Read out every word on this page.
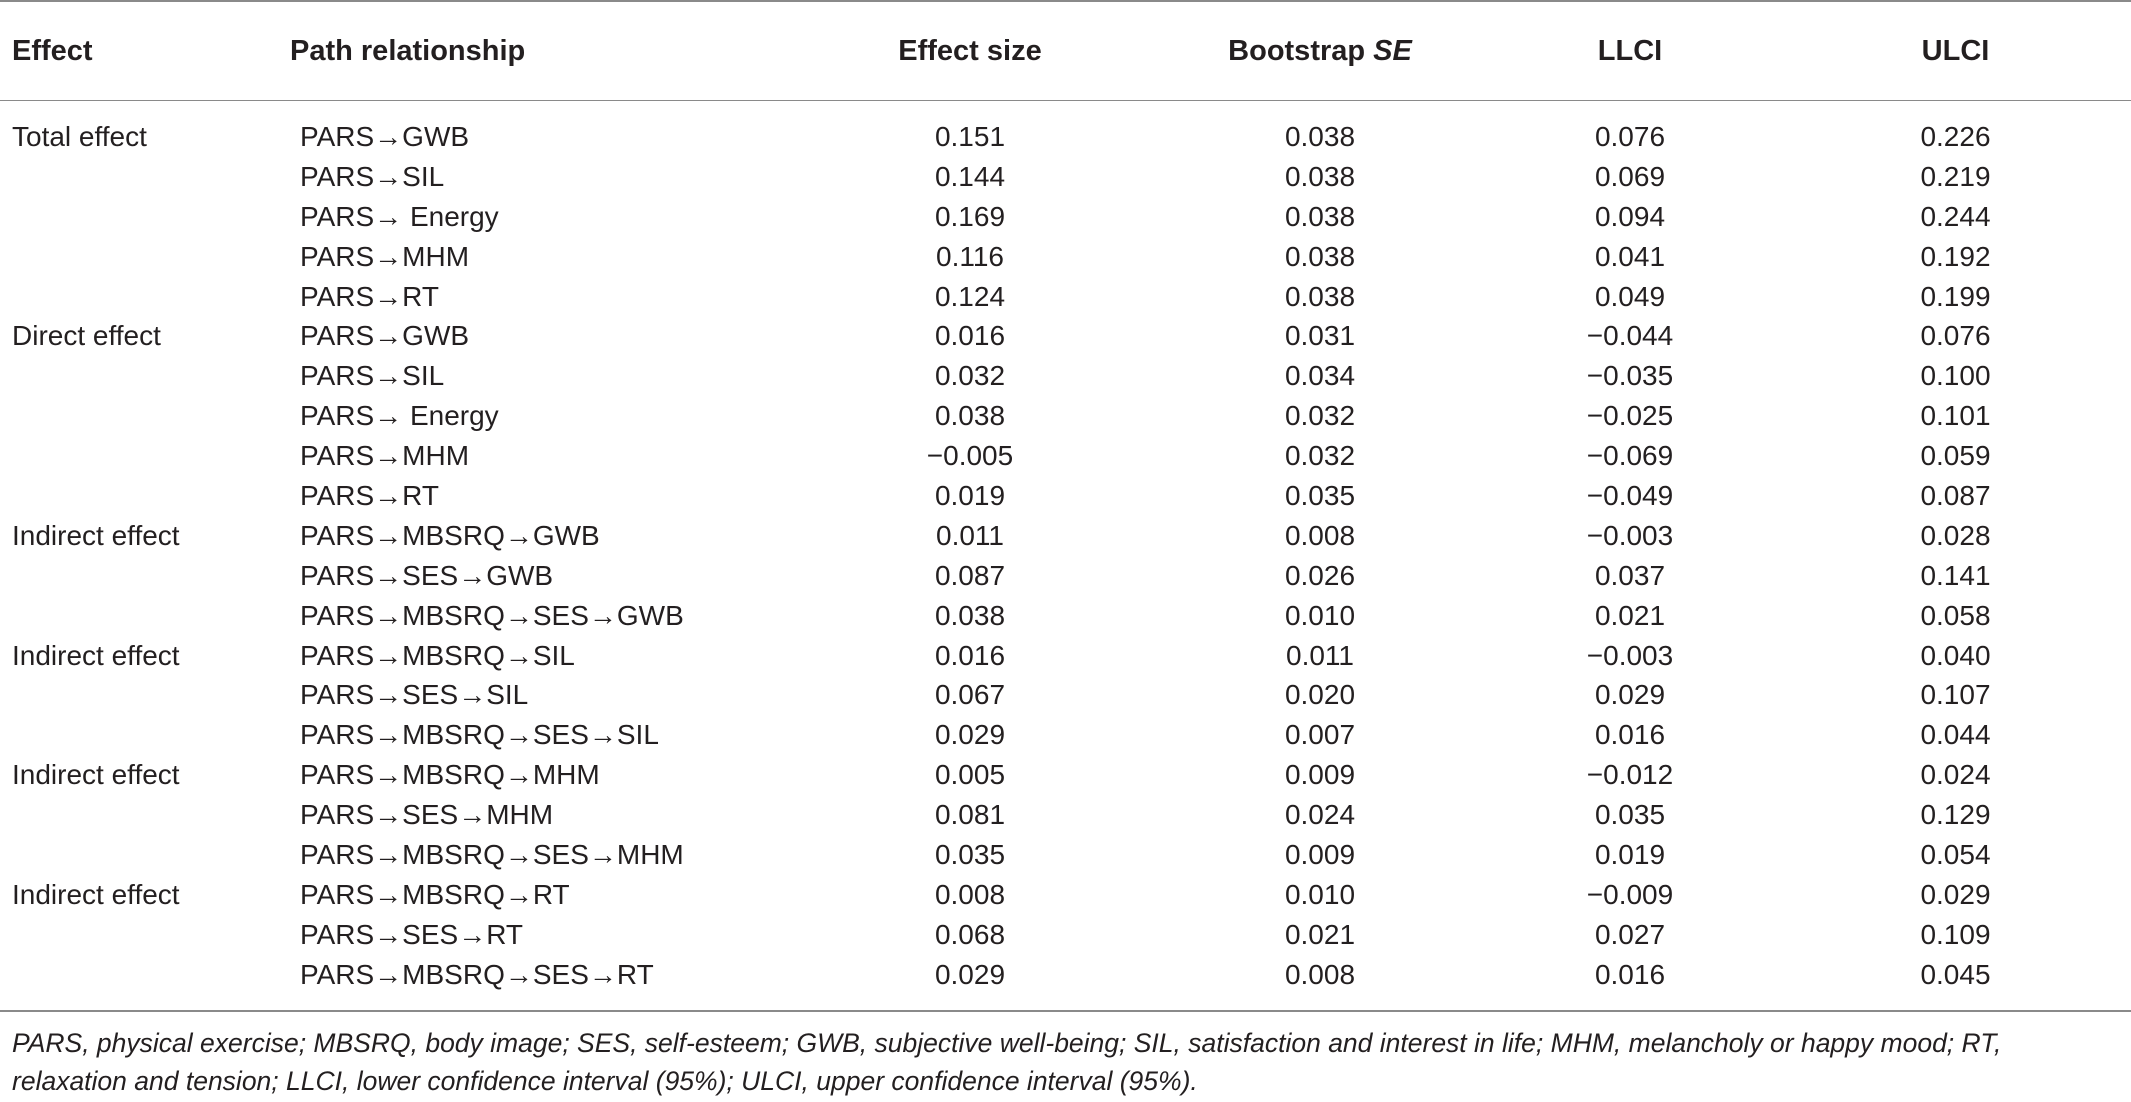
Effect	Path relationship	Effect size	Bootstrap SE	LLCI	ULCI

Total effect	PARS→GWB	0.151	0.038	0.076	0.226
	PARS→SIL	0.144	0.038	0.069	0.219
	PARS→ Energy	0.169	0.038	0.094	0.244
	PARS→MHM	0.116	0.038	0.041	0.192
	PARS→RT	0.124	0.038	0.049	0.199
Direct effect	PARS→GWB	0.016	0.031	−0.044	0.076
	PARS→SIL	0.032	0.034	−0.035	0.100
	PARS→ Energy	0.038	0.032	−0.025	0.101
	PARS→MHM	−0.005	0.032	−0.069	0.059
	PARS→RT	0.019	0.035	−0.049	0.087
Indirect effect	PARS→MBSRQ→GWB	0.011	0.008	−0.003	0.028
	PARS→SES→GWB	0.087	0.026	0.037	0.141
	PARS→MBSRQ→SES→GWB	0.038	0.010	0.021	0.058
Indirect effect	PARS→MBSRQ→SIL	0.016	0.011	−0.003	0.040
	PARS→SES→SIL	0.067	0.020	0.029	0.107
	PARS→MBSRQ→SES→SIL	0.029	0.007	0.016	0.044
Indirect effect	PARS→MBSRQ→MHM	0.005	0.009	−0.012	0.024
	PARS→SES→MHM	0.081	0.024	0.035	0.129
	PARS→MBSRQ→SES→MHM	0.035	0.009	0.019	0.054
Indirect effect	PARS→MBSRQ→RT	0.008	0.010	−0.009	0.029
	PARS→SES→RT	0.068	0.021	0.027	0.109
	PARS→MBSRQ→SES→RT	0.029	0.008	0.016	0.045
PARS, physical exercise; MBSRQ, body image; SES, self-esteem; GWB, subjective well-being; SIL, satisfaction and interest in life; MHM, melancholy or happy mood; RT, relaxation and tension; LLCI, lower confidence interval (95%); ULCI, upper confidence interval (95%).
